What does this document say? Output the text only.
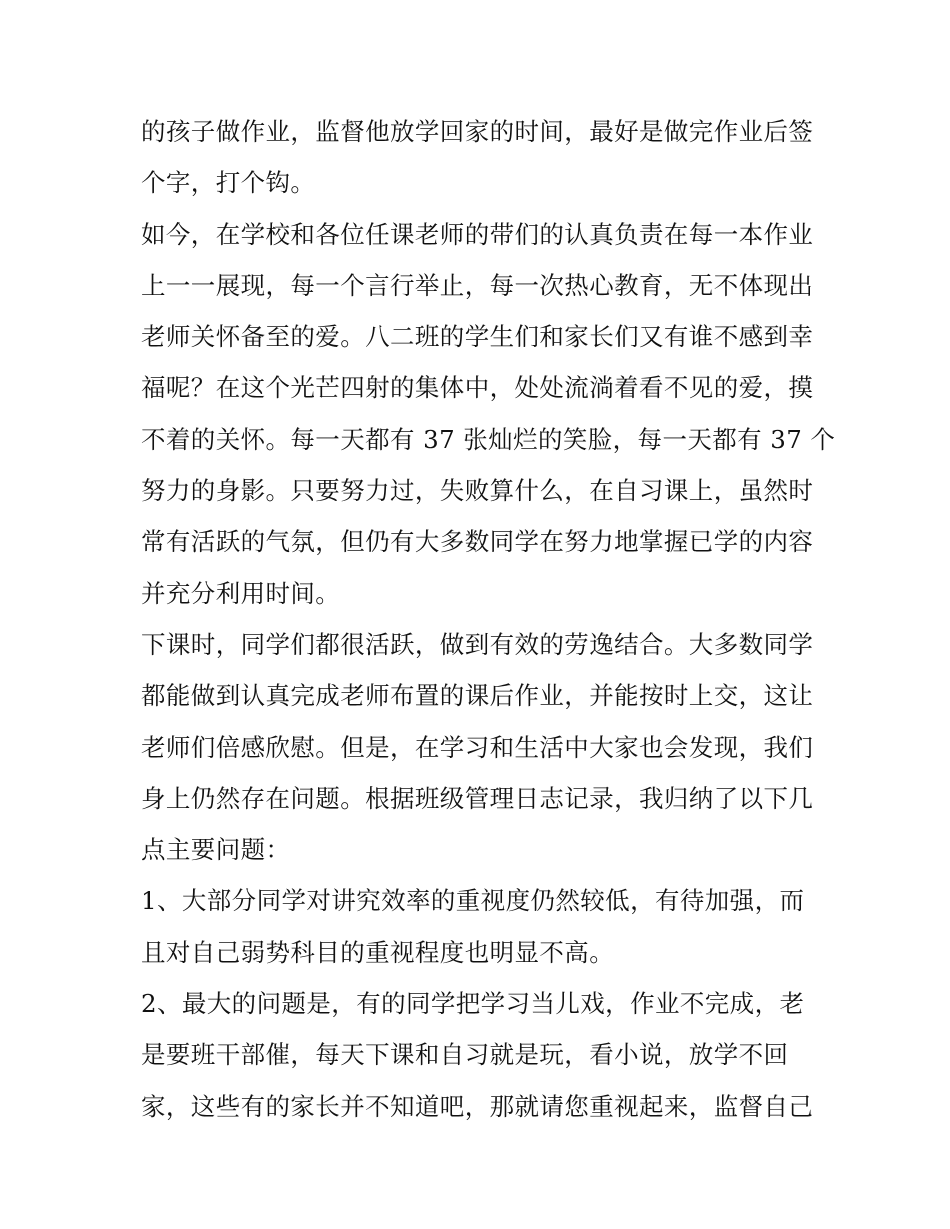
的孩子做作业，监督他放学回家的时间，最好是做完作业后签
个字，打个钩。

如今，在学校和各位任课老师的带们的认真负责在每一本作业
上一一展现，每一个言行举止，每一次热心教育，无不体现出
老师关怀备至的爱。八二班的学生们和家长们又有谁不感到幸
福呢？在这个光芒四射的集体中，处处流淌着看不见的爱，摸
不着的关怀。每一天都有 37 张灿烂的笑脸，每一天都有 37 个
努力的身影。只要努力过，失败算什么，在自习课上，虽然时
常有活跃的气氛，但仍有大多数同学在努力地掌握已学的内容
并充分利用时间。

下课时，同学们都很活跃，做到有效的劳逸结合。大多数同学
都能做到认真完成老师布置的课后作业，并能按时上交，这让
老师们倍感欣慰。但是，在学习和生活中大家也会发现，我们
身上仍然存在问题。根据班级管理日志记录，我归纳了以下几
点主要问题：

1、大部分同学对讲究效率的重视度仍然较低，有待加强，而
且对自己弱势科目的重视程度也明显不高。

2、最大的问题是，有的同学把学习当儿戏，作业不完成，老
是要班干部催，每天下课和自习就是玩，看小说，放学不回
家，这些有的家长并不知道吧，那就请您重视起来，监督自己
